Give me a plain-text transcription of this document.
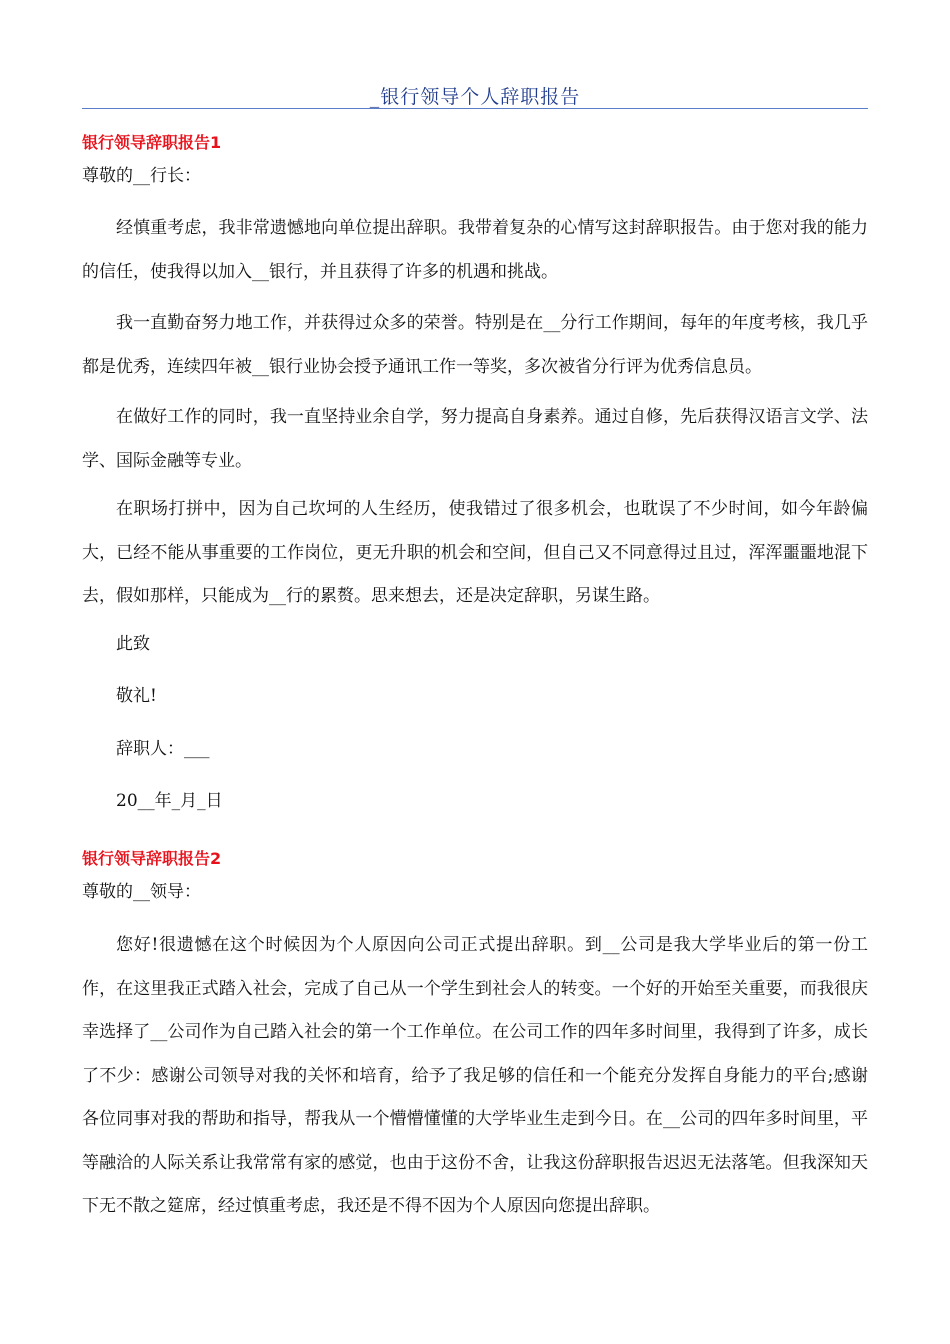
_银行领导个人辞职报告
银行领导辞职报告1

尊敬的__行长：

经慎重考虑，我非常遗憾地向单位提出辞职。我带着复杂的心情写这封辞职报告。由于您对我的能力的信任，使我得以加入__银行，并且获得了许多的机遇和挑战。

我一直勤奋努力地工作，并获得过众多的荣誉。特别是在__分行工作期间，每年的年度考核，我几乎都是优秀，连续四年被__银行业协会授予通讯工作一等奖，多次被省分行评为优秀信息员。

在做好工作的同时，我一直坚持业余自学，努力提高自身素养。通过自修，先后获得汉语言文学、法学、国际金融等专业。

在职场打拼中，因为自己坎坷的人生经历，使我错过了很多机会，也耽误了不少时间，如今年龄偏大，已经不能从事重要的工作岗位，更无升职的机会和空间，但自己又不同意得过且过，浑浑噩噩地混下去，假如那样，只能成为__行的累赘。思来想去，还是决定辞职，另谋生路。

此致

敬礼!

辞职人：___

20__年_月_日

银行领导辞职报告2

尊敬的__领导：

您好!很遗憾在这个时候因为个人原因向公司正式提出辞职。到__公司是我大学毕业后的第一份工作，在这里我正式踏入社会，完成了自己从一个学生到社会人的转变。一个好的开始至关重要，而我很庆幸选择了__公司作为自己踏入社会的第一个工作单位。在公司工作的四年多时间里，我得到了许多，成长了不少：感谢公司领导对我的关怀和培育，给予了我足够的信任和一个能充分发挥自身能力的平台;感谢各位同事对我的帮助和指导，帮我从一个懵懵懂懂的大学毕业生走到今日。在__公司的四年多时间里，平等融洽的人际关系让我常常有家的感觉，也由于这份不舍，让我这份辞职报告迟迟无法落笔。但我深知天下无不散之筵席，经过慎重考虑，我还是不得不因为个人原因向您提出辞职。
